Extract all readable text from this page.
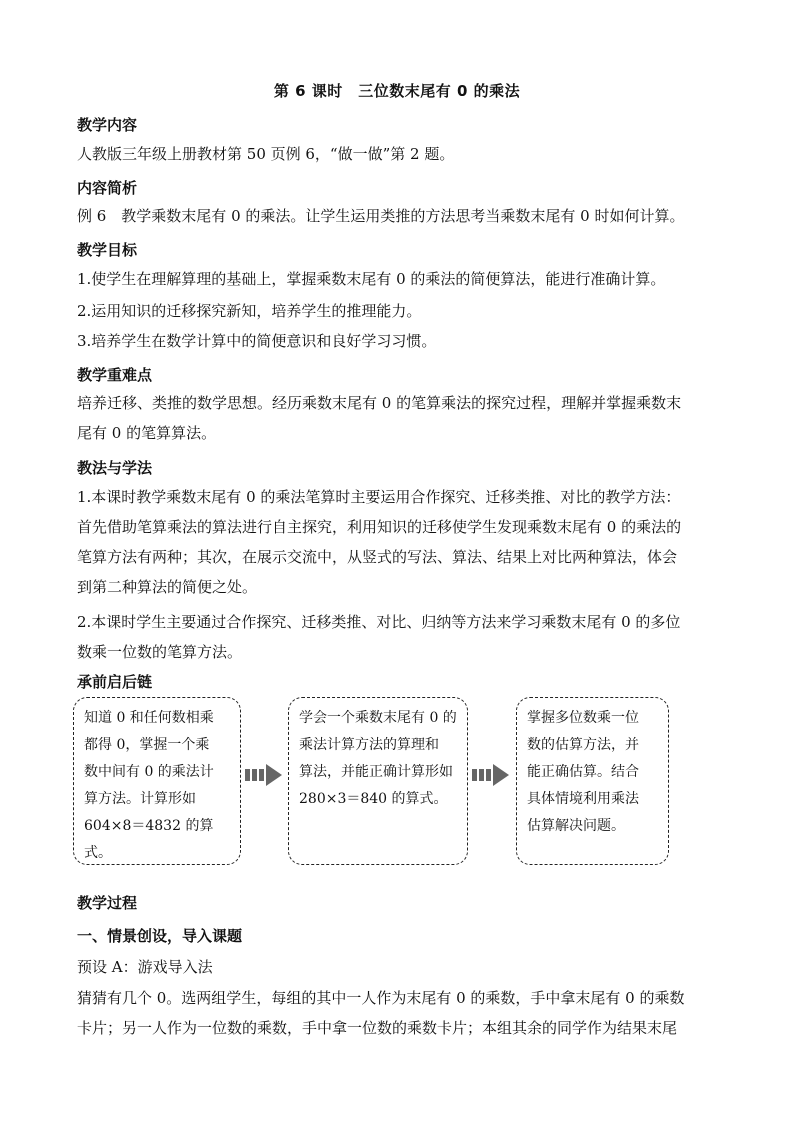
第 6 课时　三位数末尾有 0 的乘法
教学内容
人教版三年级上册教材第 50 页例 6，“做一做”第 2 题。
内容简析
例 6　教学乘数末尾有 0 的乘法。让学生运用类推的方法思考当乘数末尾有 0 时如何计算。
教学目标
1.使学生在理解算理的基础上，掌握乘数末尾有 0 的乘法的简便算法，能进行准确计算。
2.运用知识的迁移探究新知，培养学生的推理能力。
3.培养学生在数学计算中的简便意识和良好学习习惯。
教学重难点
培养迁移、类推的数学思想。经历乘数末尾有 0 的笔算乘法的探究过程，理解并掌握乘数末
尾有 0 的笔算算法。
教法与学法
1.本课时教学乘数末尾有 0 的乘法笔算时主要运用合作探究、迁移类推、对比的教学方法：
首先借助笔算乘法的算法进行自主探究，利用知识的迁移使学生发现乘数末尾有 0 的乘法的
笔算方法有两种；其次，在展示交流中，从竖式的写法、算法、结果上对比两种算法，体会
到第二种算法的简便之处。
2.本课时学生主要通过合作探究、迁移类推、对比、归纳等方法来学习乘数末尾有 0 的多位
数乘一位数的笔算方法。
承前启后链
知道 0 和任何数相乘
都得 0，掌握一个乘
数中间有 0 的乘法计
算方法。计算形如
604×8＝4832 的算
式。
学会一个乘数末尾有 0 的
乘法计算方法的算理和
算法，并能正确计算形如
280×3＝840 的算式。
掌握多位数乘一位
数的估算方法，并
能正确估算。结合
具体情境利用乘法
估算解决问题。
教学过程
一、情景创设，导入课题
预设 A：游戏导入法
猜猜有几个 0。选两组学生，每组的其中一人作为末尾有 0 的乘数，手中拿末尾有 0 的乘数
卡片；另一人作为一位数的乘数，手中拿一位数的乘数卡片；本组其余的同学作为结果末尾
